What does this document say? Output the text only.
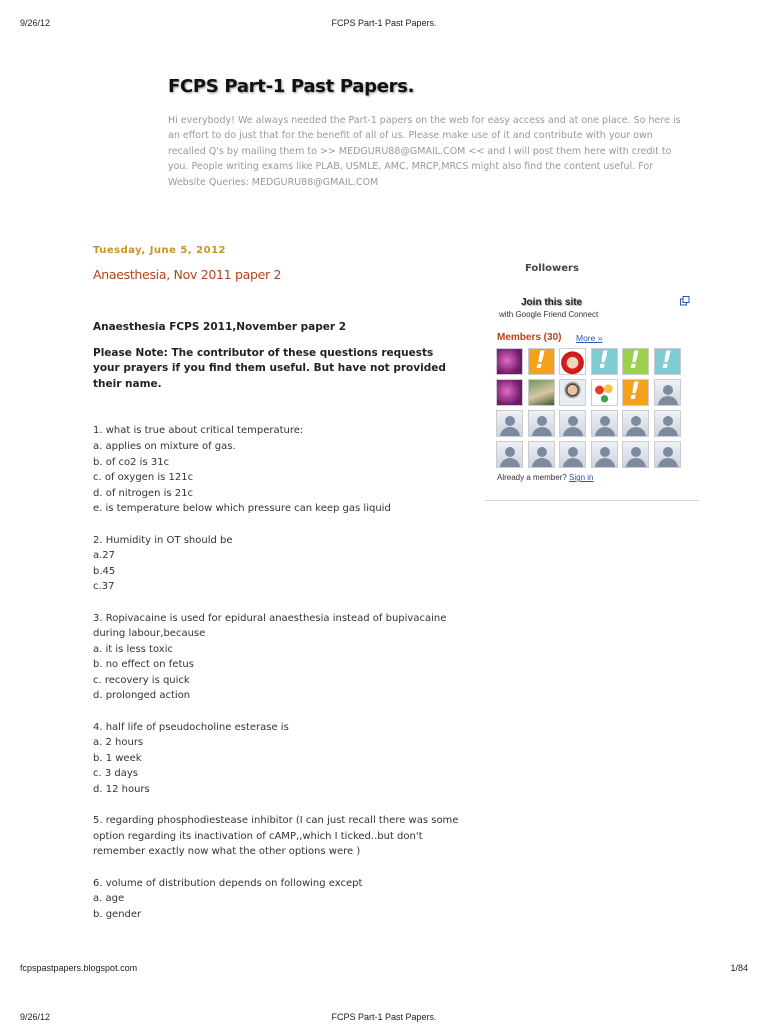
9/26/12	FCPS Part-1 Past Papers.
FCPS Part-1 Past Papers.
Hi everybody! We always needed the Part-1 papers on the web for easy access and at one place. So here is an effort to do just that for the benefit of all of us. Please make use of it and contribute with your own recalled Q's by mailing them to >> MEDGURU88@GMAIL.COM << and I will post them here with credit to you. People writing exams like PLAB, USMLE, AMC, MRCP,MRCS might also find the content useful. For Website Queries: MEDGURU88@GMAIL.COM
Tuesday, June 5, 2012
Anaesthesia, Nov 2011 paper 2
Anaesthesia FCPS 2011,November paper 2
Please Note: The contributor of these questions requests your prayers if you find them useful. But have not provided their name.
1. what is true about critical temperature:
a. applies on mixture of gas.
b. of co2 is 31c
c. of oxygen is 121c
d. of nitrogen is 21c
e. is temperature below which pressure can keep gas liquid
2. Humidity in OT should be
a.27
b.45
c.37
3. Ropivacaine is used for epidural anaesthesia instead of bupivacaine during labour,because
a. it is less toxic
b. no effect on fetus
c. recovery is quick
d. prolonged action
4. half life of pseudocholine esterase is
a. 2 hours
b. 1 week
c. 3 days
d. 12 hours
5. regarding phosphodiestease inhibitor (I can just recall there was some option regarding its inactivation of cAMP,,which I ticked..but don't remember exactly now what the other options were )
6. volume of distribution depends on following except
a. age
b. gender
Followers
Join this site
with Google Friend Connect
Members (30) More »
!
!
!
!
!
Already a member? Sign in
fcpspastpapers.blogspot.com	1/84
9/26/12	FCPS Part-1 Past Papers.
